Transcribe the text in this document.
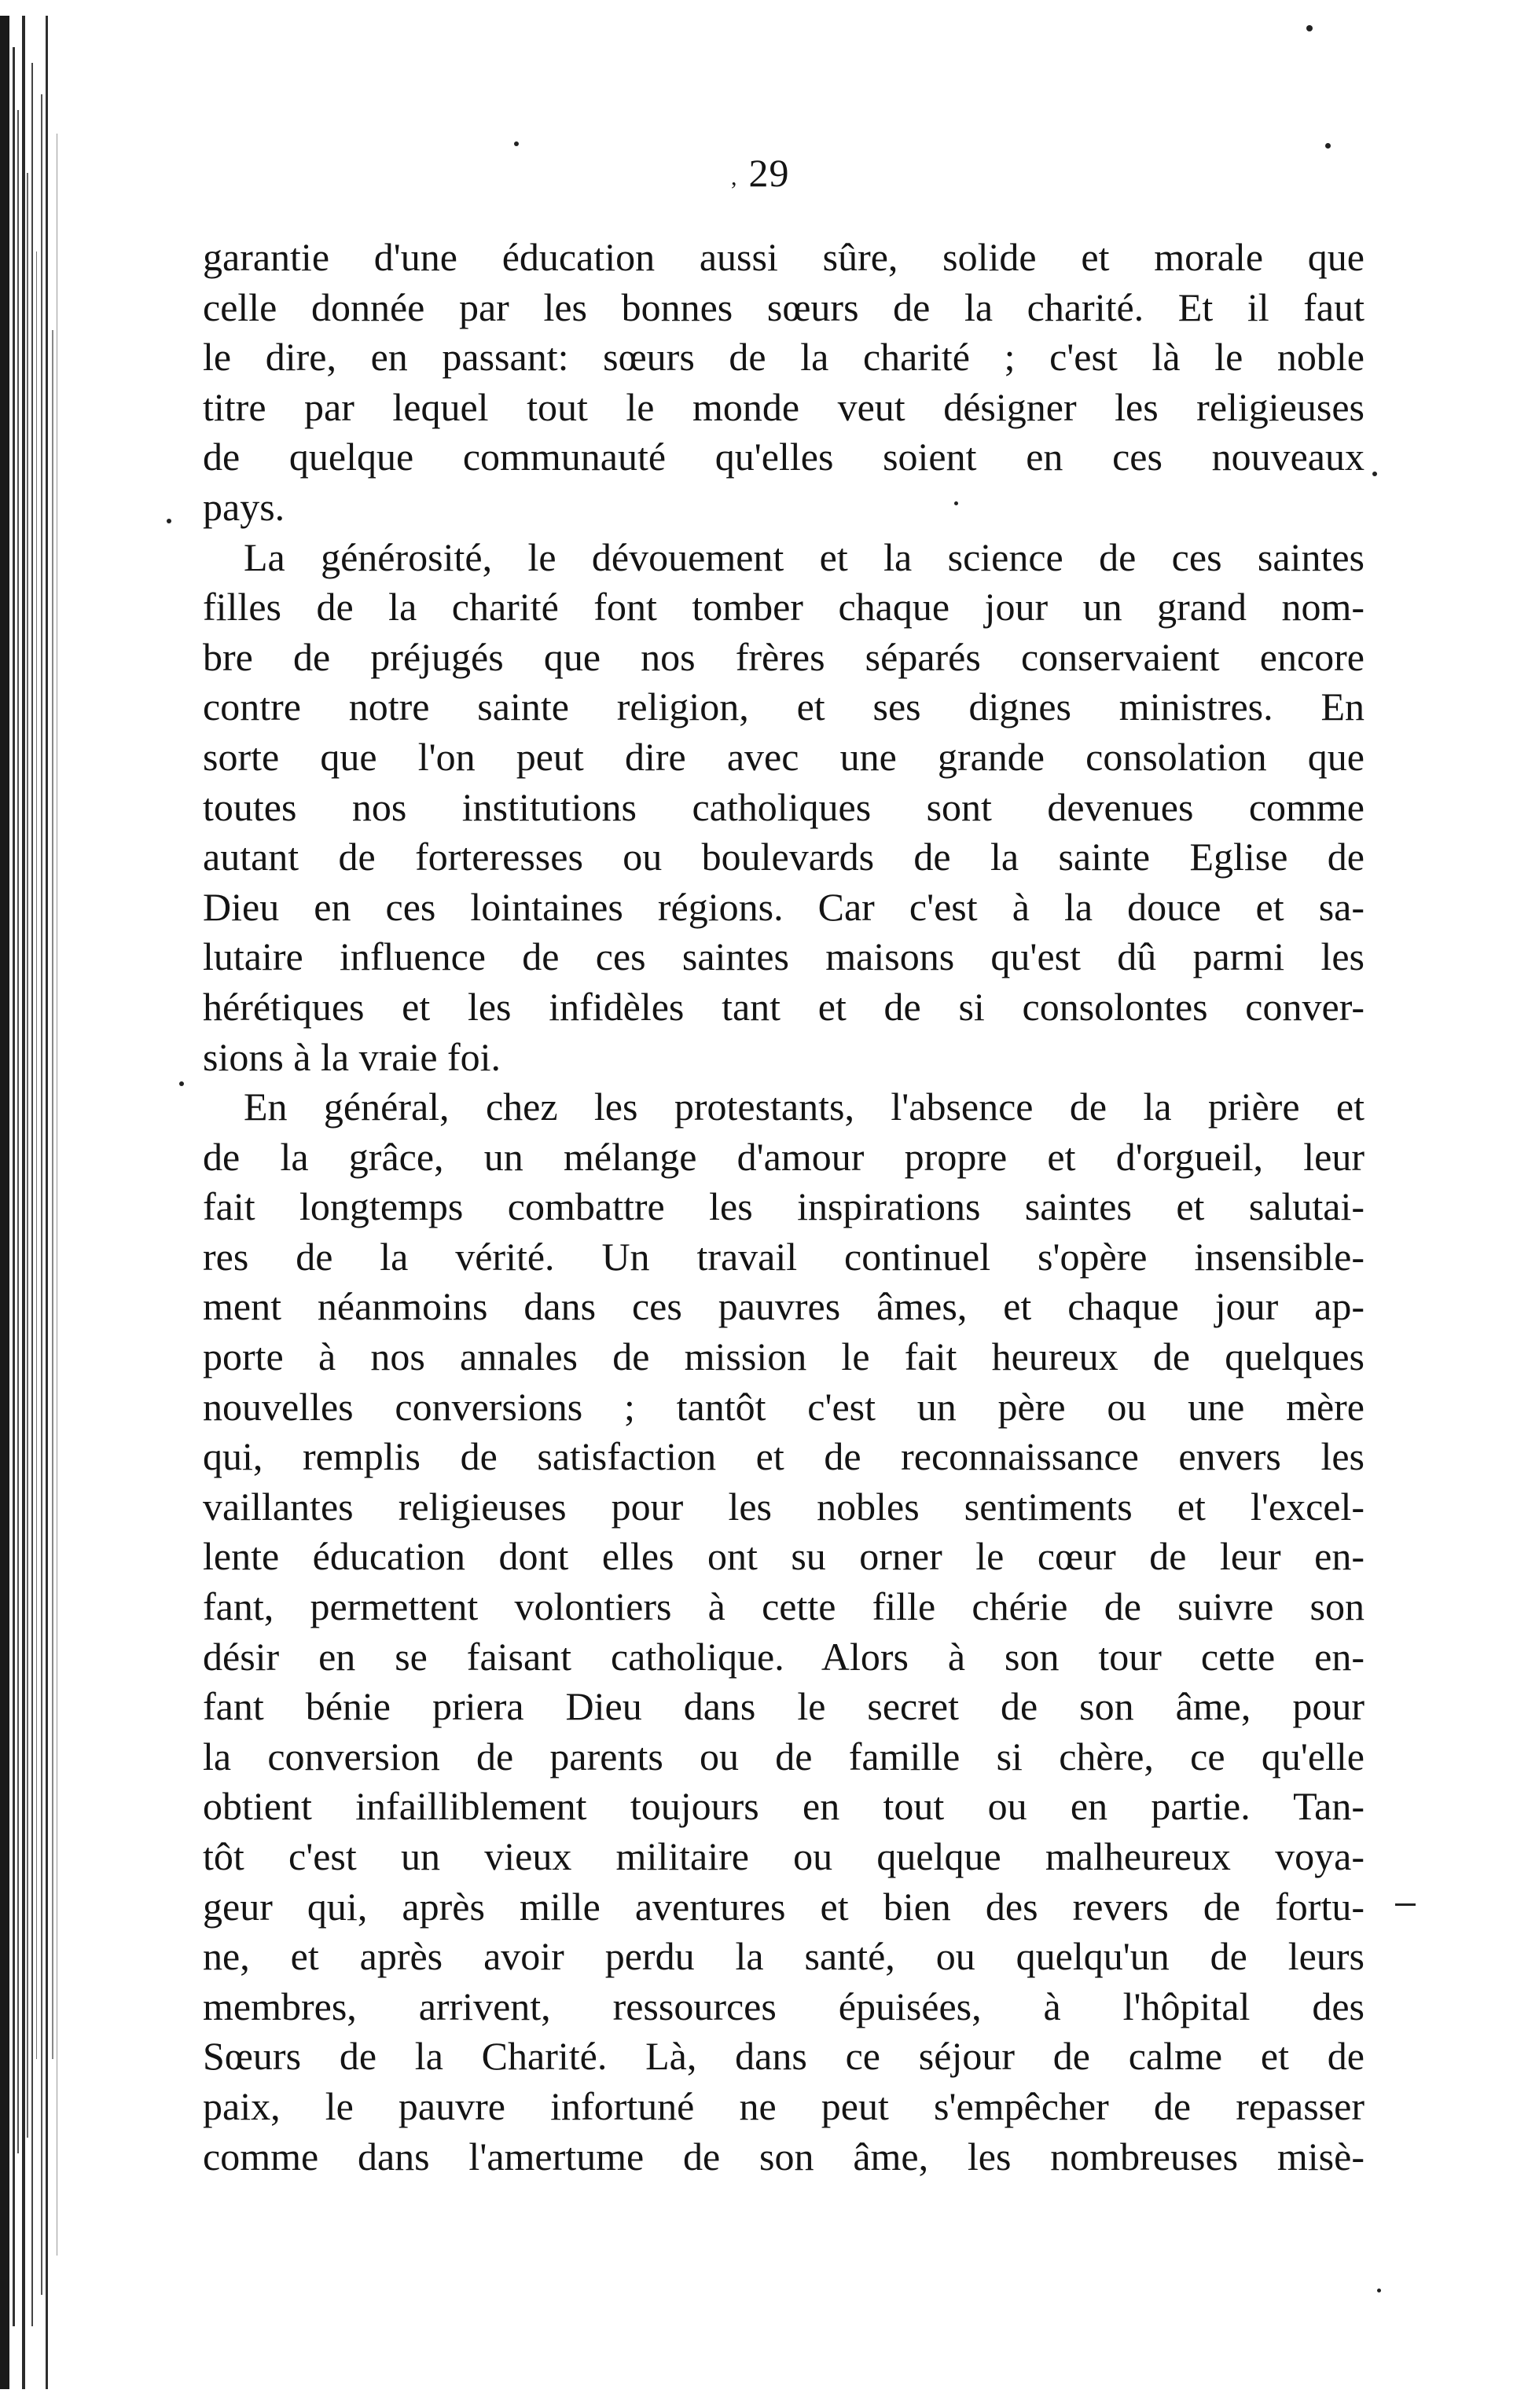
, 29
garantie d'une éducation aussi sûre, solide et morale que
celle donnée par les bonnes sœurs de la charité. Et il faut
le dire, en passant: sœurs de la charité ; c'est là le noble
titre par lequel tout le monde veut désigner les religieuses
de quelque communauté qu'elles soient en ces nouveaux
pays.
La générosité, le dévouement et la science de ces saintes
filles de la charité font tomber chaque jour un grand nom-
bre de préjugés que nos frères séparés conservaient encore
contre notre sainte religion, et ses dignes ministres. En
sorte que l'on peut dire avec une grande consolation que
toutes nos institutions catholiques sont devenues comme
autant de forteresses ou boulevards de la sainte Eglise de
Dieu en ces lointaines régions. Car c'est à la douce et sa-
lutaire influence de ces saintes maisons qu'est dû parmi les
hérétiques et les infidèles tant et de si consolontes conver-
sions à la vraie foi.
En général, chez les protestants, l'absence de la prière et
de la grâce, un mélange d'amour propre et d'orgueil, leur
fait longtemps combattre les inspirations saintes et salutai-
res de la vérité. Un travail continuel s'opère insensible-
ment néanmoins dans ces pauvres âmes, et chaque jour ap-
porte à nos annales de mission le fait heureux de quelques
nouvelles conversions ; tantôt c'est un père ou une mère
qui, remplis de satisfaction et de reconnaissance envers les
vaillantes religieuses pour les nobles sentiments et l'excel-
lente éducation dont elles ont su orner le cœur de leur en-
fant, permettent volontiers à cette fille chérie de suivre son
désir en se faisant catholique. Alors à son tour cette en-
fant bénie priera Dieu dans le secret de son âme, pour
la conversion de parents ou de famille si chère, ce qu'elle
obtient infailliblement toujours en tout ou en partie. Tan-
tôt c'est un vieux militaire ou quelque malheureux voya-
geur qui, après mille aventures et bien des revers de fortu-
ne, et après avoir perdu la santé, ou quelqu'un de leurs
membres, arrivent, ressources épuisées, à l'hôpital des
Sœurs de la Charité. Là, dans ce séjour de calme et de
paix, le pauvre infortuné ne peut s'empêcher de repasser
comme dans l'amertume de son âme, les nombreuses misè-
